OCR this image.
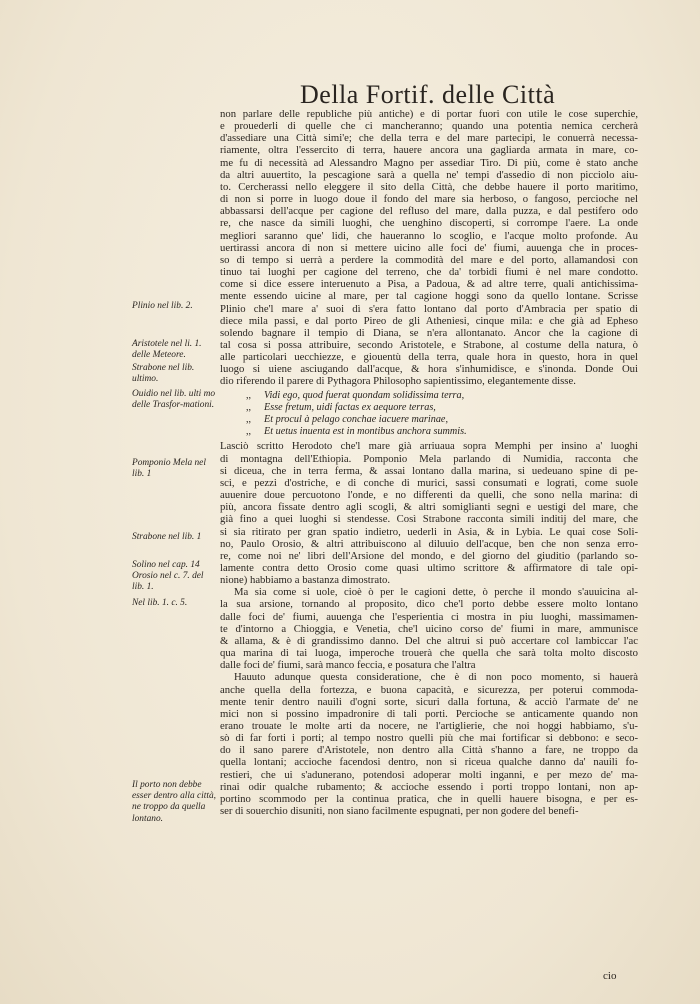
Della Fortif. delle Città

non parlare delle republiche più antiche) e di portar fuori con utile le cose superchie,
e prouederli di quelle che ci mancheranno; quando una potentia nemica cercherà
d'assediare una Città simi'e; che della terra e del mare partecipi, le conuerrà necessa-
riamente, oltra l'essercito di terra, hauere ancora una gagliarda armata in mare, co-
me fu di necessità ad Alessandro Magno per assediar Tiro. Di più, come è stato anche
da altri auuertito, la pescagione sarà a quella ne' tempi d'assedio di non picciolo aiu-
to. Cercherassi nello eleggere il sito della Città, che debbe hauere il porto maritimo,
di non si porre in luogo doue il fondo del mare sia herboso, o fangoso, percioche nel
abbassarsi dell'acque per cagione del refluso del mare, dalla puzza, e dal pestifero odo
re, che nasce da simili luoghi, che uenghino discoperti, si corrompe l'aere. La onde
megliori saranno que' lidi, che haueranno lo scoglio, e l'acque molto profonde. Au
uertirassi ancora di non si mettere uicino alle foci de' fiumi, auuenga che in proces-
so di tempo si uerrà a perdere la commodità del mare e del porto, allamandosi con
tinuo tai luoghi per cagione del terreno, che da' torbidi fiumi è nel mare condotto.
come si dice essere interuenuto a Pisa, a Padoua, & ad altre terre, quali antichissima-
mente essendo uicine al mare, per tal cagione hoggi sono da quello lontane. Scrisse
Plinio che'l mare a' suoi dì s'era fatto lontano dal porto d'Ambracia per spatio di
diece mila passi, e dal porto Pireo de gli Atheniesi, cinque mila: e che già ad Epheso
solendo bagnare il tempio di Diana, se n'era allontanato. Ancor che la cagione di
tal cosa si possa attribuire, secondo Aristotele, e Strabone, al costume della natura, ò
alle particolari uecchiezze, e giouentù della terra, quale hora in questo, hora in quel
luogo si uiene asciugando dall'acque, & hora s'inhumidisce, e s'inonda. Donde Oui
dio riferendo il parere di Pythagora Philosopho sapientissimo, elegantemente disse.

,, Vidi ego, quod fuerat quondam solidissima terra,
,, Esse fretum, uidi factas ex aequore terras,
,, Et procul à pelago conchae iacuere marinae,
,, Et uetus inuenta est in montibus anchora summis.

Lasciò scritto Herodoto che'l mare già arriuaua sopra Memphi per insino a' luoghi
di montagna dell'Ethiopia. Pomponio Mela parlando di Numidia, racconta che
si diceua, che in terra ferma, & assai lontano dalla marina, si uedeuano spine di pe-
sci, e pezzi d'ostriche, e di conche di murici, sassi consumati e lograti, come suole
auuenire doue percuotono l'onde, e no differenti da quelli, che sono nella marina: di
più, ancora fissate dentro agli scogli, & altri somiglianti segni e uestigi del mare, che
già fino a quei luoghi si stendesse. Così Strabone racconta simili inditij del mare, che
si sia ritirato per gran spatio indietro, uederli in Asia, & in Lybia. Le quai cose Soli-
no, Paulo Orosio, & altri attribuiscono al diluuio dell'acque, ben che non senza erro-
re, come noi ne' libri dell'Arsione del mondo, e del giorno del giuditio (parlando so-
lamente contra detto Orosio come quasi ultimo scrittore & affirmatore di tale opi-
nione) habbiamo a bastanza dimostrato.

Ma sia come si uole, cioè ò per le cagioni dette, ò perche il mondo s'auuicina al-
la sua arsione, tornando al proposito, dico che'l porto debbe essere molto lontano
dalle foci de' fiumi, auuenga che l'esperientia ci mostra in piu luoghi, massimamen-
te d'intorno a Chioggia, e Venetia, che'l uicino corso de' fiumi in mare, ammunisce
& allama, & è di grandissimo danno. Del che altrui si può accertare col lambiccar l'ac
qua marina di tai luoga, imperoche trouerà che quella che sarà tolta molto discosto
dalle foci de' fiumi, sarà manco feccia, e posatura che l'altra

Hauuto adunque questa consideratione, che è di non poco momento, si hauerà
anche quella della fortezza, e buona capacità, e sicurezza, per poterui commoda-
mente tenir dentro nauili d'ogni sorte, sicuri dalla fortuna, & acciò l'armate de' ne
mici non si possino impadronire di tali porti. Percioche se anticamente quando non
erano trouate le molte arti da nocere, ne l'artiglierie, che noi hoggi habbiamo, s'u-
sò di far forti i porti; al tempo nostro quelli più che mai fortificar si debbono: e seco-
do il sano parere d'Aristotele, non dentro alla Città s'hanno a fare, ne troppo da
quella lontani; accioche facendosi dentro, non si riceua qualche danno da' nauili fo-
restieri, che ui s'adunerano, potendosi adoperar molti inganni, e per mezo de' ma-
rinai odir qualche rubamento; & accioche essendo i porti troppo lontani, non ap-
portino scommodo per la continua pratica, che in quelli hauere bisogna, e per es-
ser di souerchio disuniti, non siano facilmente espugnati, per non godere del benefi-

Plinio nel lib. 2.
Aristotele nel li. 1. delle Meteore.
Strabone nel lib. ultimo.
Ouidio nel lib. ulti mo delle Trasfor-mationi.
Pomponio Mela nel lib. 1
Strabone nel lib. 1
Solino nel cap. 14 Orosio nel c. 7. del lib. 1.
Nel lib. 1. c. 5.
Il porto non debbe esser dentro alla città, ne troppo da quella lontano.
cio
